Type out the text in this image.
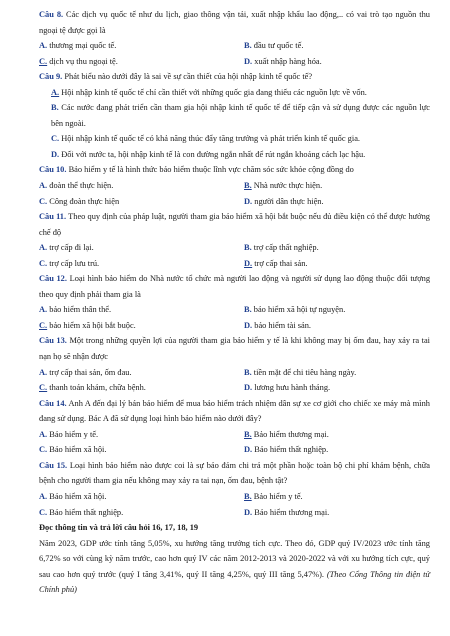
Câu 8. Các dịch vụ quốc tế như du lịch, giao thông vận tải, xuất nhập khẩu lao động,.. có vai trò tạo nguồn thu ngoại tệ được gọi là
A. thương mại quốc tế.	B. đầu tư quốc tế.
C. dịch vụ thu ngoại tệ.	D. xuất nhập hàng hóa.
Câu 9. Phát biểu nào dưới đây là sai về sự cần thiết của hội nhập kinh tế quốc tế?
A. Hội nhập kinh tế quốc tế chỉ cần thiết với những quốc gia đang thiếu các nguồn lực về vốn.
B. Các nước đang phát triển cần tham gia hội nhập kinh tế quốc tế để tiếp cận và sử dụng được các nguồn lực bên ngoài.
C. Hội nhập kinh tế quốc tế có khả năng thúc đẩy tăng trưởng và phát triển kinh tế quốc gia.
D. Đối với nước ta, hội nhập kinh tế là con đường ngắn nhất để rút ngắn khoảng cách lạc hậu.
Câu 10. Bảo hiểm y tế là hình thức bảo hiểm thuộc lĩnh vực chăm sóc sức khỏe cộng đồng do
A. đoàn thể thực hiện.	B. Nhà nước thực hiện.
C. Công đoàn thực hiện	D. người dân thực hiện.
Câu 11. Theo quy định của pháp luật, người tham gia bảo hiểm xã hội bắt buộc nếu đủ điều kiện có thể được hưởng chế độ
A. trợ cấp đi lại.	B. trợ cấp thất nghiệp.
C. trợ cấp lưu trú.	D. trợ cấp thai sản.
Câu 12. Loại hình bảo hiểm do Nhà nước tổ chức mà người lao động và người sử dụng lao động thuộc đối tượng theo quy định phải tham gia là
A. bảo hiểm thân thể.	B. bảo hiểm xã hội tự nguyện.
C. bảo hiểm xã hội bắt buộc.	D. bảo hiểm tài sản.
Câu 13. Một trong những quyền lợi của người tham gia bảo hiểm y tế là khi không may bị ốm đau, hay xảy ra tai nạn họ sẽ nhận được
A. trợ cấp thai sản, ốm đau.	B. tiền mặt để chi tiêu hàng ngày.
C. thanh toán khám, chữa bệnh.	D. lương hưu hành tháng.
Câu 14. Anh A đến đại lý bán bảo hiểm để mua bảo hiểm trách nhiệm dân sự xe cơ giới cho chiếc xe máy mà mình đang sử dụng. Bác A đã sử dụng loại hình bảo hiểm nào dưới đây?
A. Bảo hiểm y tế.	B. Bảo hiểm thương mại.
C. Bảo hiểm xã hội.	D. Bảo hiểm thất nghiệp.
Câu 15. Loại hình bảo hiểm nào được coi là sự bảo đảm chi trả một phần hoặc toàn bộ chi phí khám bệnh, chữa bệnh cho người tham gia nếu không may xảy ra tai nạn, ốm đau, bệnh tật?
A. Bảo hiểm xã hội.	B. Bảo hiểm y tế.
C. Bảo hiểm thất nghiệp.	D. Bảo hiểm thương mại.
Đọc thông tin và trả lời câu hỏi 16, 17, 18, 19
Năm 2023, GDP ước tính tăng 5,05%, xu hướng tăng trưởng tích cực. Theo đó, GDP quý IV/2023 ước tính tăng 6,72% so với cùng kỳ năm trước, cao hơn quý IV các năm 2012-2013 và 2020-2022 và với xu hướng tích cực, quý sau cao hơn quý trước (quý I tăng 3,41%, quý II tăng 4,25%, quý III tăng 5,47%). (Theo Cổng Thông tin điện tử Chính phủ)
